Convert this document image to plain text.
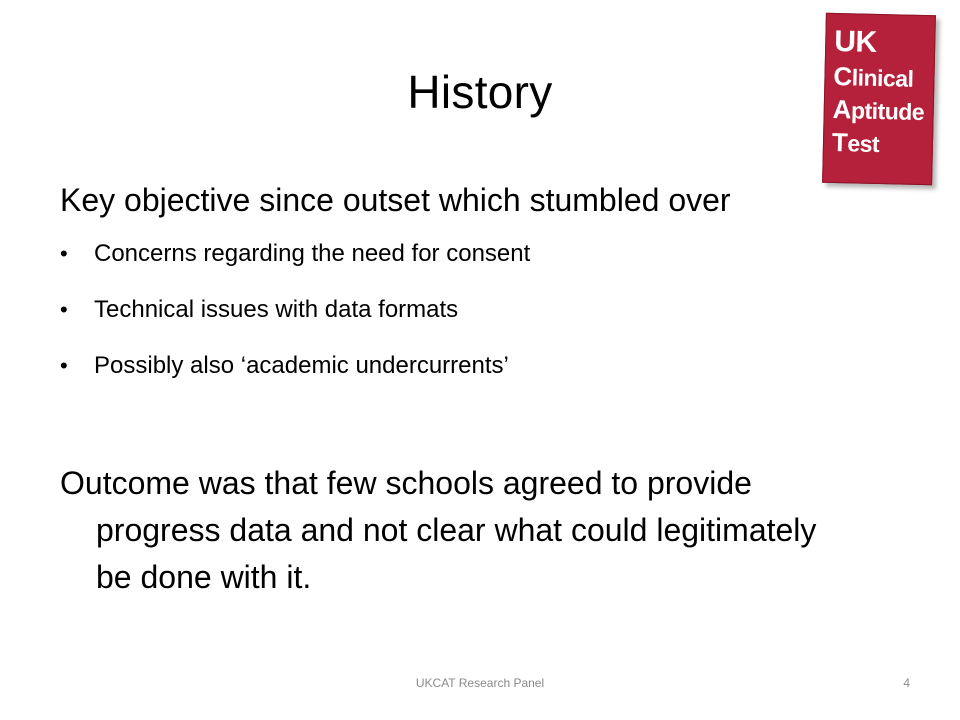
History
UK
Clinical
Aptitude
Test
Key objective since outset which stumbled over
• Concerns regarding the need for consent
• Technical issues with data formats
• Possibly also ‘academic undercurrents’
Outcome was that few schools agreed to provide progress data and not clear what could legitimately be done with it.
UKCAT Research Panel	4
